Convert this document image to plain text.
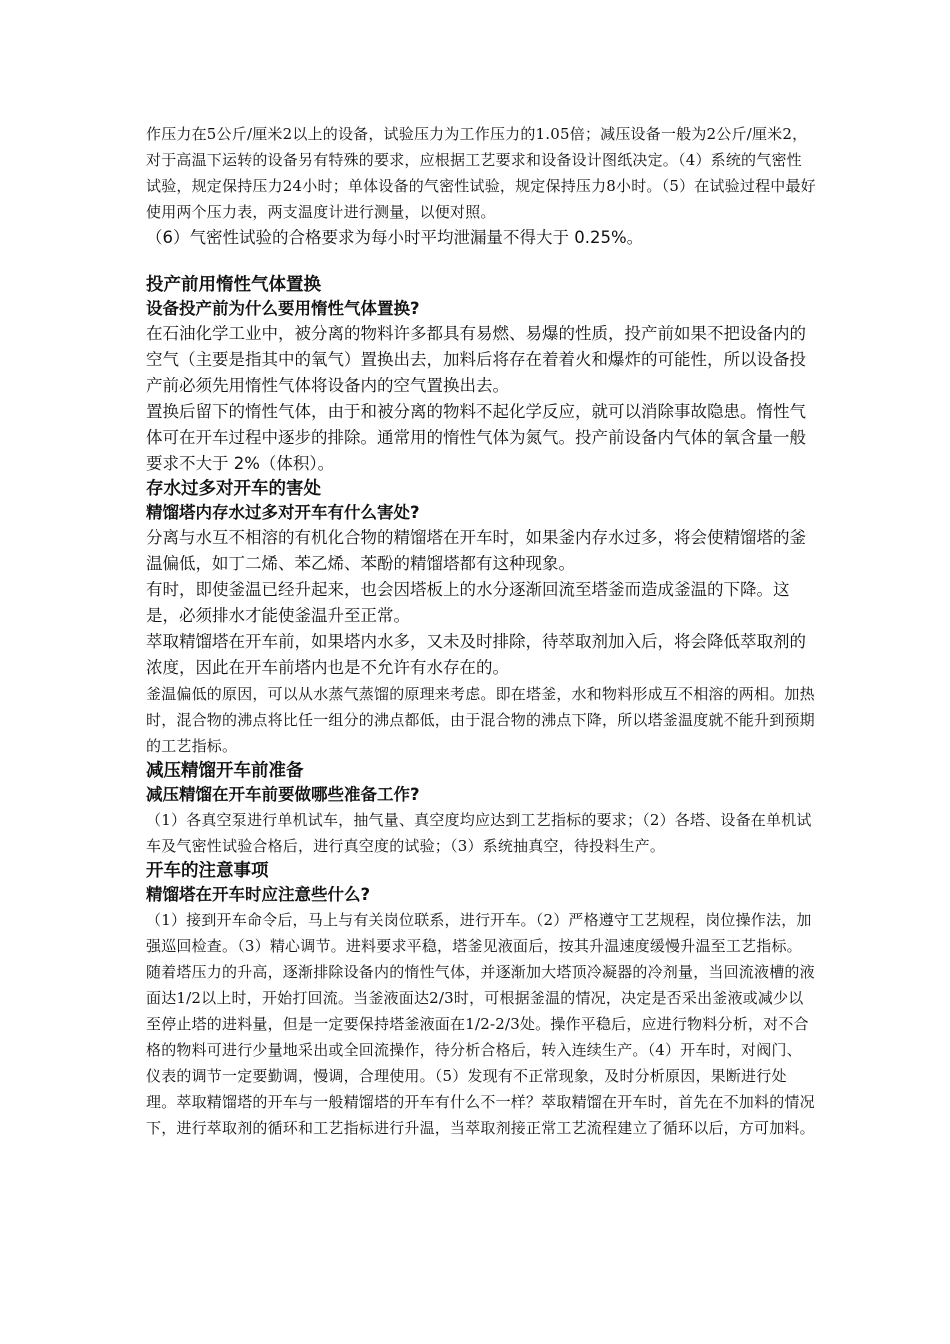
作压力在5公斤/厘米2以上的设备，试验压力为工作压力的1.05倍；减压设备一般为2公斤/厘米2，对于高温下运转的设备另有特殊的要求，应根据工艺要求和设备设计图纸决定。（4）系统的气密性试验，规定保持压力24小时；单体设备的气密性试验，规定保持压力8小时。（5）在试验过程中最好使用两个压力表，两支温度计进行测量，以便对照。

（6）气密性试验的合格要求为每小时平均泄漏量不得大于 0.25%。

投产前用惰性气体置换
设备投产前为什么要用惰性气体置换?

在石油化学工业中，被分离的物料许多都具有易燃、易爆的性质，投产前如果不把设备内的空气（主要是指其中的氧气）置换出去，加料后将存在着着火和爆炸的可能性，所以设备投产前必须先用惰性气体将设备内的空气置换出去。

置换后留下的惰性气体，由于和被分离的物料不起化学反应，就可以消除事故隐患。惰性气体可在开车过程中逐步的排除。通常用的惰性气体为氮气。投产前设备内气体的氧含量一般要求不大于 2%（体积）。

存水过多对开车的害处
精馏塔内存水过多对开车有什么害处?

分离与水互不相溶的有机化合物的精馏塔在开车时，如果釜内存水过多，将会使精馏塔的釜温偏低，如丁二烯、苯乙烯、苯酚的精馏塔都有这种现象。

有时，即使釜温已经升起来，也会因塔板上的水分逐渐回流至塔釜而造成釜温的下降。这是，必须排水才能使釜温升至正常。

萃取精馏塔在开车前，如果塔内水多，又未及时排除，待萃取剂加入后，将会降低萃取剂的浓度，因此在开车前塔内也是不允许有水存在的。

釜温偏低的原因，可以从水蒸气蒸馏的原理来考虑。即在塔釜，水和物料形成互不相溶的两相。加热时，混合物的沸点将比任一组分的沸点都低，由于混合物的沸点下降，所以塔釜温度就不能升到预期的工艺指标。

减压精馏开车前准备
减压精馏在开车前要做哪些准备工作?

（1）各真空泵进行单机试车，抽气量、真空度均应达到工艺指标的要求；（2）各塔、设备在单机试车及气密性试验合格后，进行真空度的试验；（3）系统抽真空，待投料生产。

开车的注意事项
精馏塔在开车时应注意些什么?

（1）接到开车命令后，马上与有关岗位联系，进行开车。（2）严格遵守工艺规程，岗位操作法，加强巡回检查。（3）精心调节。进料要求平稳，塔釜见液面后，按其升温速度缓慢升温至工艺指标。随着塔压力的升高，逐渐排除设备内的惰性气体，并逐渐加大塔顶冷凝器的冷剂量，当回流液槽的液面达1/2以上时，开始打回流。当釜液面达2/3时，可根据釜温的情况，决定是否采出釜液或减少以至停止塔的进料量，但是一定要保持塔釜液面在1/2-2/3处。操作平稳后，应进行物料分析，对不合格的物料可进行少量地采出或全回流操作，待分析合格后，转入连续生产。（4）开车时，对阀门、仪表的调节一定要勤调，慢调，合理使用。（5）发现有不正常现象，及时分析原因，果断进行处理。萃取精馏塔的开车与一般精馏塔的开车有什么不一样？萃取精馏在开车时，首先在不加料的情况下，进行萃取剂的循环和工艺指标进行升温，当萃取剂接正常工艺流程建立了循环以后，方可加料。
